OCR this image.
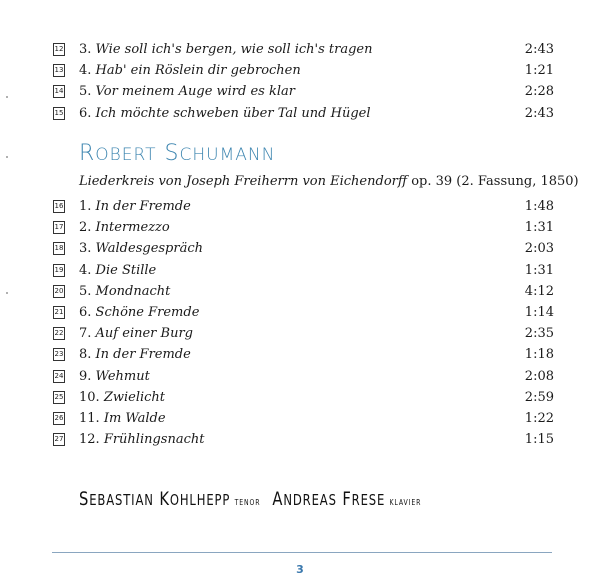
12 3. Wie soll ich's bergen, wie soll ich's tragen	2:43
13 4. Hab' ein Röslein dir gebrochen	1:21
14 5. Vor meinem Auge wird es klar	2:28
15 6. Ich möchte schweben über Tal und Hügel	2:43
ROBERT SCHUMANN
Liederkreis von Joseph Freiherrn von Eichendorff op. 39 (2. Fassung, 1850)
16 1. In der Fremde	1:48
17 2. Intermezzo	1:31
18 3. Waldesgespräch	2:03
19 4. Die Stille	1:31
20 5. Mondnacht	4:12
21 6. Schöne Fremde	1:14
22 7. Auf einer Burg	2:35
23 8. In der Fremde	1:18
24 9. Wehmut	2:08
25 10. Zwielicht	2:59
26 11. Im Walde	1:22
27 12. Frühlingsnacht	1:15
SEBASTIAN KOHLHEPP TENOR ANDREAS FRESE KLAVIER
3
